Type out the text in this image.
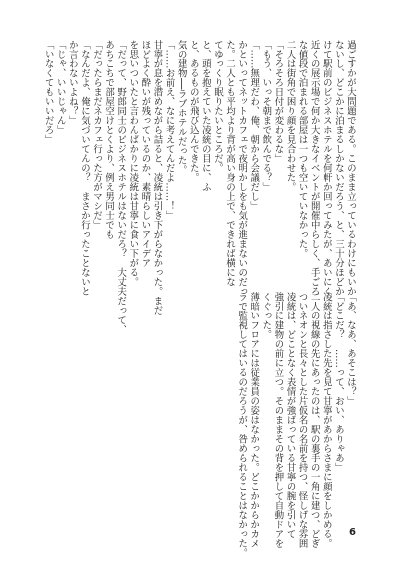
過ごすかが大問題である。このまま立っているわけにもいか
ないし、どこかに泊まるしかないだろう、と、三十分ほどか
けて駅前のビジネスホテルを何軒か回ってみたが、あいにく
近くの展示場で何か大きなイベントが開催中らしく、手ごろ
な値段で泊まれる部屋は一つも空いていなかった。
二人は街角で困り顔を見合わせた。
「そろそろ日付が変わるな」
「もう、いっそ朝まで飲んでる？」
「……無理だわ、俺、朝から会議だし」
かといってネットカフェで夜明かしをも気が進まないのだっ
た。二人とも平均より背が高い身の上で、できれば横にな
てゆっくり眠りたいところだ。
と、頭を抱えていた凌統の目に、ふ
と、あるものが飛び込んできた。
気の建物──ラブホテルだった。
「……お前え、なに考えてんだよ……！」
甘寧が息を潜めながら詰ると、凌統は引き下がらなかった。まだ
ほどよく酔いが残っているのか、素晴らしいアイデア
を思いついたと言わんばかりに凌統は甘寧に食い下がる。
「だって、野郎同士のビジネスホテルはないだろ？　大丈夫だって、
あちこちで部屋空けとくより、例え男同士でも
「だったらまだネカフェ行った方がマシだ」
「なんだよ、俺に気づいてんの？　まさか行ったことないと
か言わないよね？」
「じゃ、いいじゃん」
「いなくてもいいだろ」
「あ、なあ、あそこは？」
「どこだ？　……って、おい、ありゃあ」
凌統は指さした先を見て甘寧があからさまに顔をしかめる。
二人の視線の先にあったのは、駅の裏手の一角に建つ、どぎ
ついネオンと長々とした片仮名の名前を持つ、怪しげな雰囲
凌統は、どことなく表情が強ばっている甘寧の腕を引いて
強引に建物の前に立つ。そのままその背を押して自動ドアを
くぐった。
薄暗いフロアには従業員の姿はなかった。どこかからかカメ
ラで監視してはいるのだろうが、咎められることはなかった。	6
